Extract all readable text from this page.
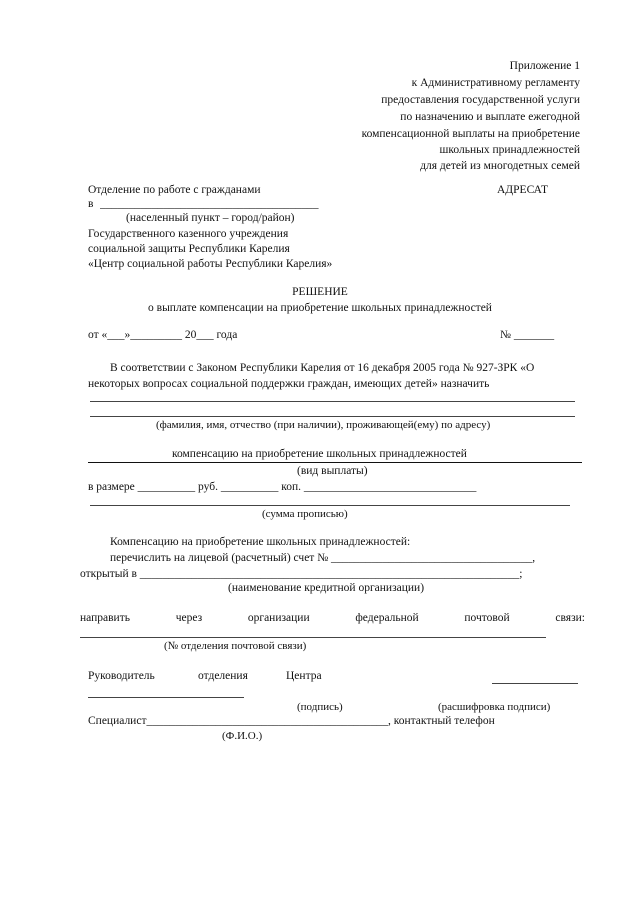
Приложение 1
к Административному регламенту
предоставления государственной услуги
по назначению и выплате ежегодной
компенсационной выплаты на приобретение
школьных принадлежностей
для детей из многодетных семей
Отделение по работе с гражданами
в ______________________________________
(населенный пункт – город/район)
Государственного казенного учреждения
социальной защиты Республики Карелия
«Центр социальной работы Республики Карелия»
АДРЕСАТ
РЕШЕНИЕ
о выплате компенсации на приобретение школьных принадлежностей
от «___»_________ 20___ года	№ _______
В соответствии с Законом Республики Карелия от 16 декабря 2005 года № 927-ЗРК «О
некоторых вопросах социальной поддержки граждан, имеющих детей» назначить
(фамилия, имя, отчество (при наличии), проживающей(ему) по адресу)
компенсацию на приобретение школьных принадлежностей
(вид выплаты)
в размере __________ руб. __________ коп. ______________________________
(сумма прописью)
Компенсацию на приобретение школьных принадлежностей:
перечислить на лицевой (расчетный) счет № ___________________________________,
открытый в __________________________________________________________________;
(наименование кредитной организации)
направить	через	организации	федеральной	почтовой	связи:
(№ отделения почтовой связи)
Руководитель	отделения	Центра
(подпись)	(расшифровка подписи)
Специалист__________________________________________, контактный телефон
(Ф.И.О.)
